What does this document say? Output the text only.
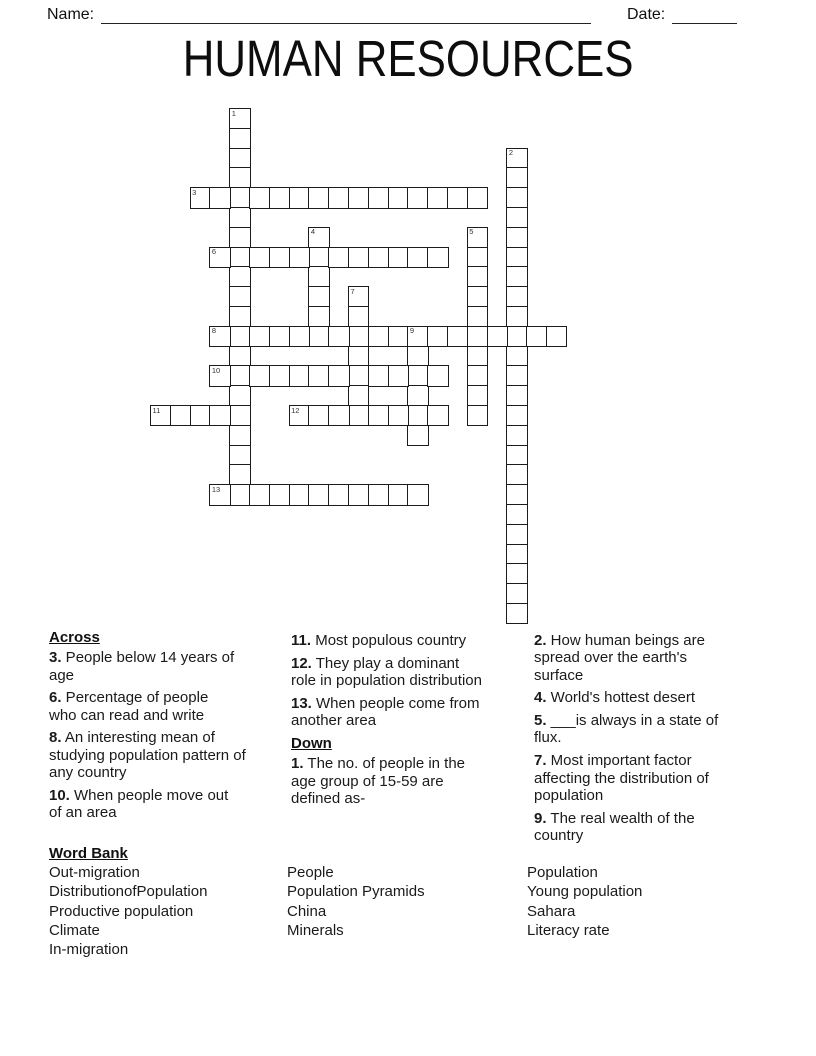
Name:	Date:
HUMAN RESOURCES
1
2
3
4	5
6
7
8	9
10
11	12
13
Across
3. People below 14 years of
age
6. Percentage of people
who can read and write
8. An interesting mean of
studying population pattern of
any country
10. When people move out
of an area
11. Most populous country
12. They play a dominant
role in population distribution
13. When people come from
another area
Down
1. The no. of people in the
age group of 15-59 are
defined as-
2. How human beings are
spread over the earth's
surface
4. World's hottest desert
5. ___is always in a state of
flux.
7. Most important factor
affecting the distribution of
population
9. The real wealth of the
country
Word Bank
Out-migration
DistributionofPopulation
Productive population
Climate
In-migration
People
Population Pyramids
China
Minerals
Population
Young population
Sahara
Literacy rate
